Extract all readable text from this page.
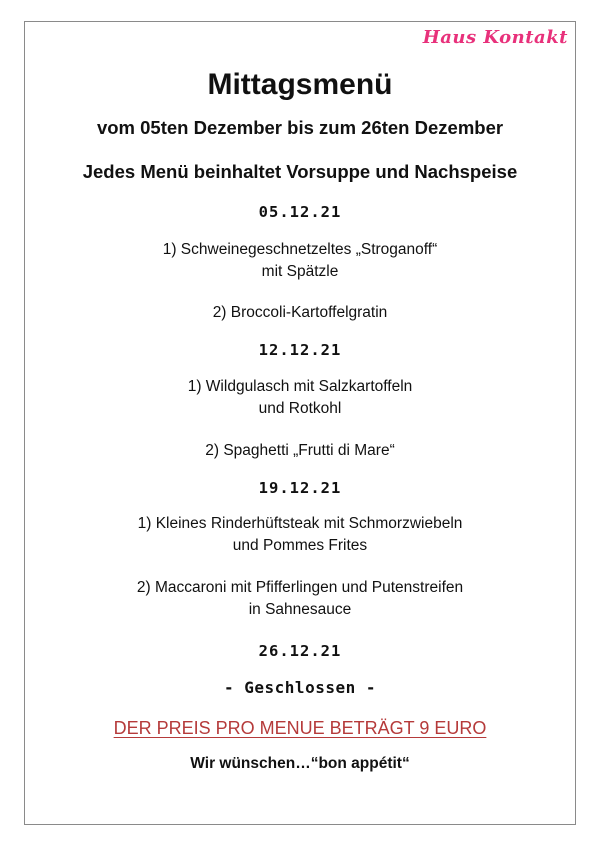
Haus Kontakt
Mittagsmenü
vom 05ten Dezember bis zum 26ten Dezember
Jedes Menü beinhaltet Vorsuppe und Nachspeise
05.12.21
1) Schweinegeschnetzeltes „Stroganoff“
mit Spätzle
2) Broccoli-Kartoffelgratin
12.12.21
1) Wildgulasch mit Salzkartoffeln
und Rotkohl
2) Spaghetti „Frutti di Mare“
19.12.21
1) Kleines Rinderhüftsteak mit Schmorzwiebeln
und Pommes Frites
2) Maccaroni mit Pfifferlingen und Putenstreifen
in Sahnesauce
26.12.21
- Geschlossen -
DER PREIS PRO MENUE BETRÄGT 9 EURO
Wir wünschen…“bon appétit“
